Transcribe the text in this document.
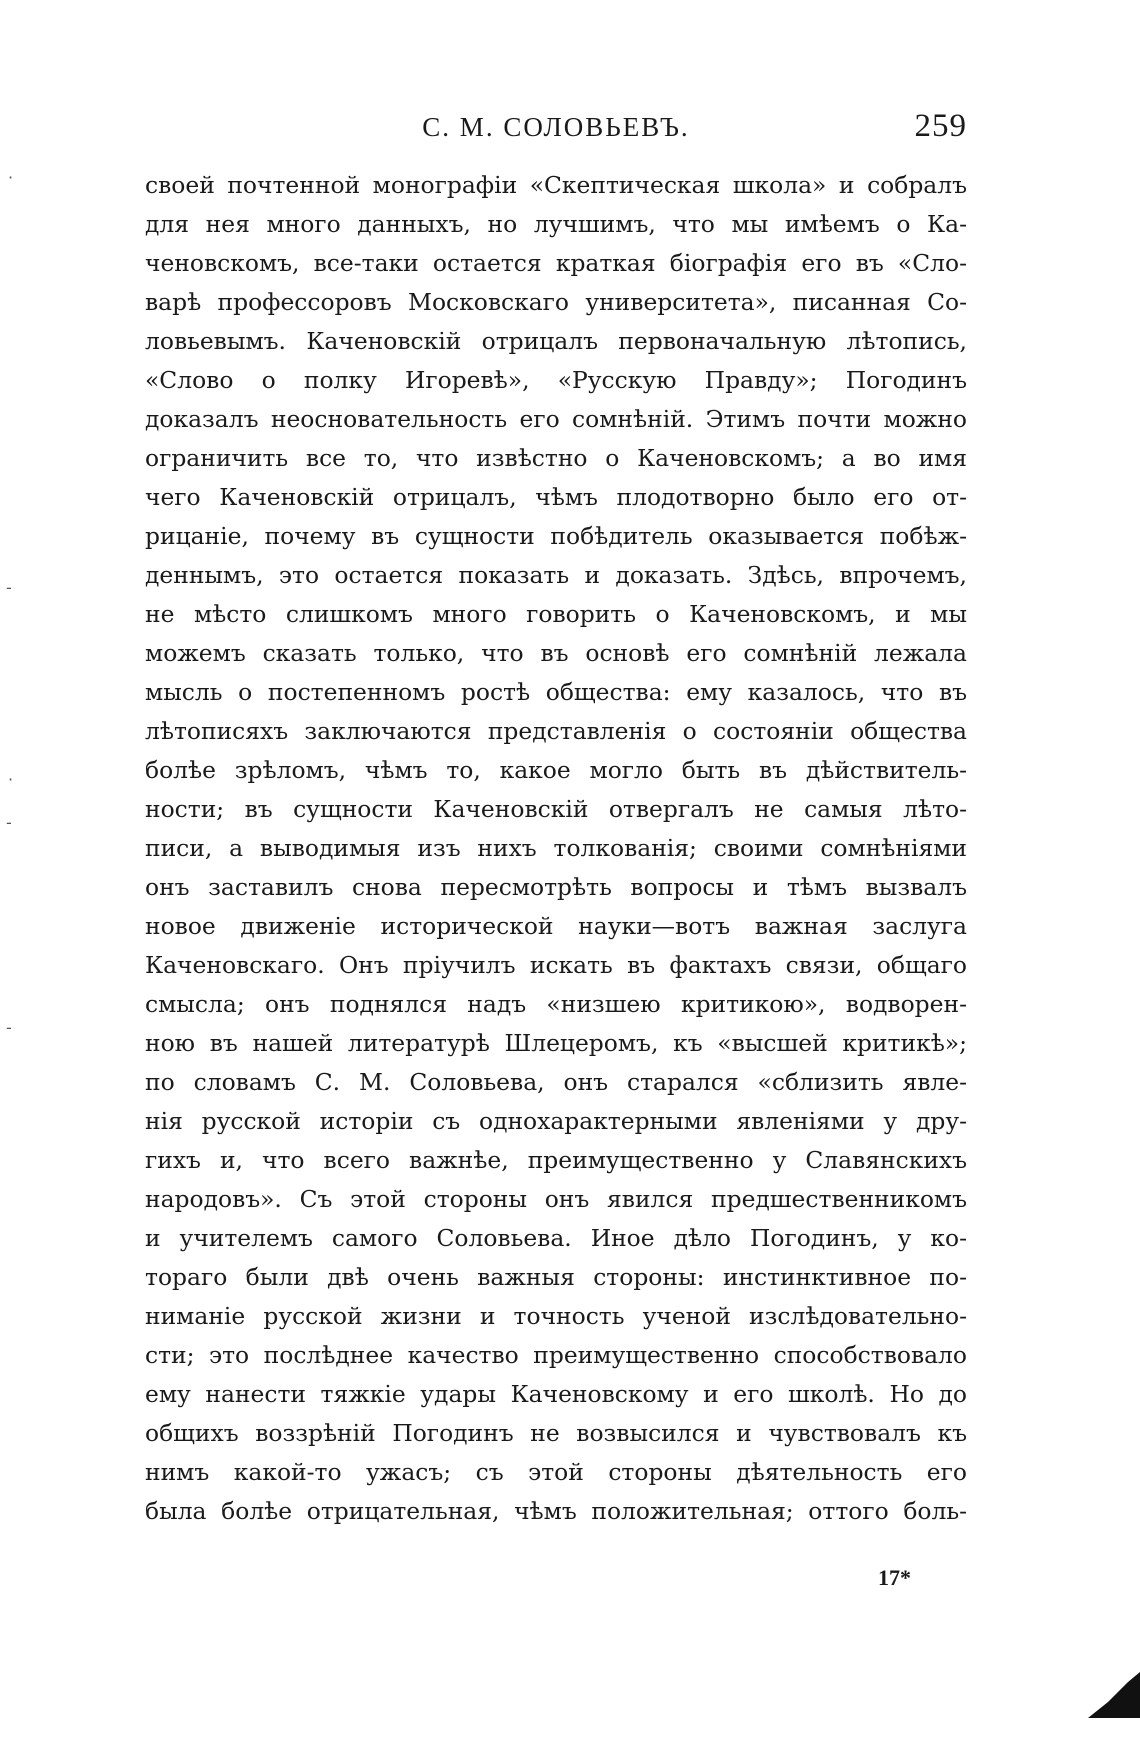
С. М. СОЛОВЬЕВЪ.	259
своей почтенной монографіи «Скептическая школа» и собралъ
для нея много данныхъ, но лучшимъ, что мы имѣемъ о Ка-
ченовскомъ, все-таки остается краткая біографія его въ «Сло-
варѣ профессоровъ Московскаго университета», писанная Со-
ловьевымъ. Каченовскій отрицалъ первоначальную лѣтопись,
«Слово о полку Игоревѣ», «Русскую Правду»; Погодинъ
доказалъ неосновательность его сомнѣній. Этимъ почти можно
ограничить все то, что извѣстно о Каченовскомъ; а во имя
чего Каченовскій отрицалъ, чѣмъ плодотворно было его от-
рицаніе, почему въ сущности побѣдитель оказывается побѣж-
деннымъ, это остается показать и доказать. Здѣсь, впрочемъ,
не мѣсто слишкомъ много говорить о Каченовскомъ, и мы
можемъ сказать только, что въ основѣ его сомнѣній лежала
мысль о постепенномъ ростѣ общества: ему казалось, что въ
лѣтописяхъ заключаются представленія о состояніи общества
болѣе зрѣломъ, чѣмъ то, какое могло быть въ дѣйствитель-
ности; въ сущности Каченовскій отвергалъ не самыя лѣто-
писи, а выводимыя изъ нихъ толкованія; своими сомнѣніями
онъ заставилъ снова пересмотрѣть вопросы и тѣмъ вызвалъ
новое движеніе исторической науки—вотъ важная заслуга
Каченовскаго. Онъ пріучилъ искать въ фактахъ связи, общаго
смысла; онъ поднялся надъ «низшею критикою», водворен-
ною въ нашей литературѣ Шлецеромъ, къ «высшей критикѣ»;
по словамъ С. М. Соловьева, онъ старался «сблизить явле-
нія русской исторіи съ однохарактерными явленіями у дру-
гихъ и, что всего важнѣе, преимущественно у Славянскихъ
народовъ». Съ этой стороны онъ явился предшественникомъ
и учителемъ самого Соловьева. Иное дѣло Погодинъ, у ко-
тораго были двѣ очень важныя стороны: инстинктивное по-
ниманіе русской жизни и точность ученой изслѣдовательно-
сти; это послѣднее качество преимущественно способствовало
ему нанести тяжкіе удары Каченовскому и его школѣ. Но до
общихъ воззрѣній Погодинъ не возвысился и чувствовалъ къ
нимъ какой-то ужасъ; съ этой стороны дѣятельность его
была болѣе отрицательная, чѣмъ положительная; оттого боль-
17*
·
-
·
-
-
